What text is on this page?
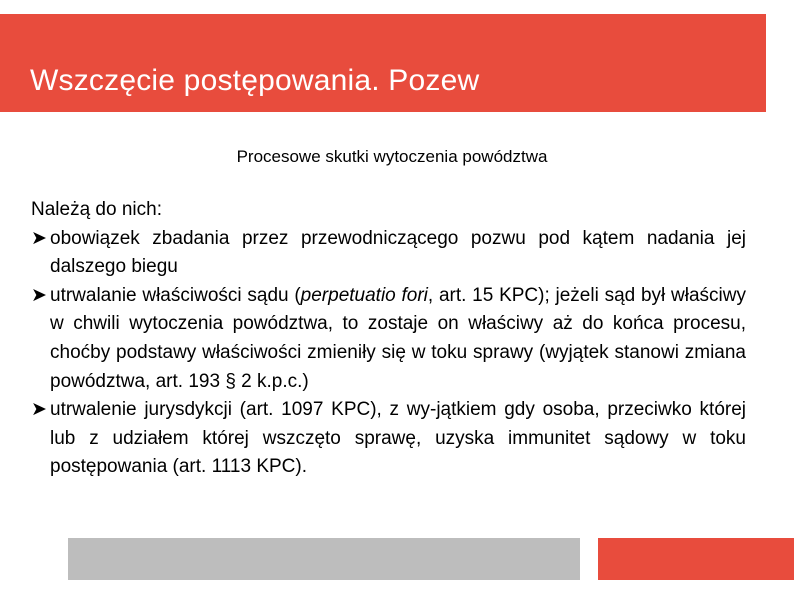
Wszczęcie postępowania. Pozew
Procesowe skutki wytoczenia powództwa
Należą do nich:
➤ obowiązek zbadania przez przewodniczącego pozwu pod kątem nadania jej dalszego biegu
➤ utrwalanie właściwości sądu (perpetuatio fori, art. 15 KPC); jeżeli sąd był właściwy w chwili wytoczenia powództwa, to zostaje on właściwy aż do końca procesu, choćby podstawy właściwości zmieniły się w toku sprawy (wyjątek stanowi zmiana powództwa, art. 193 § 2 k.p.c.)
➤ utrwalenie jurysdykcji (art. 1097 KPC), z wy-jątkiem gdy osoba, przeciwko której lub z udziałem której wszczęto sprawę, uzyska immunitet sądowy w toku postępowania (art. 1113 KPC).
